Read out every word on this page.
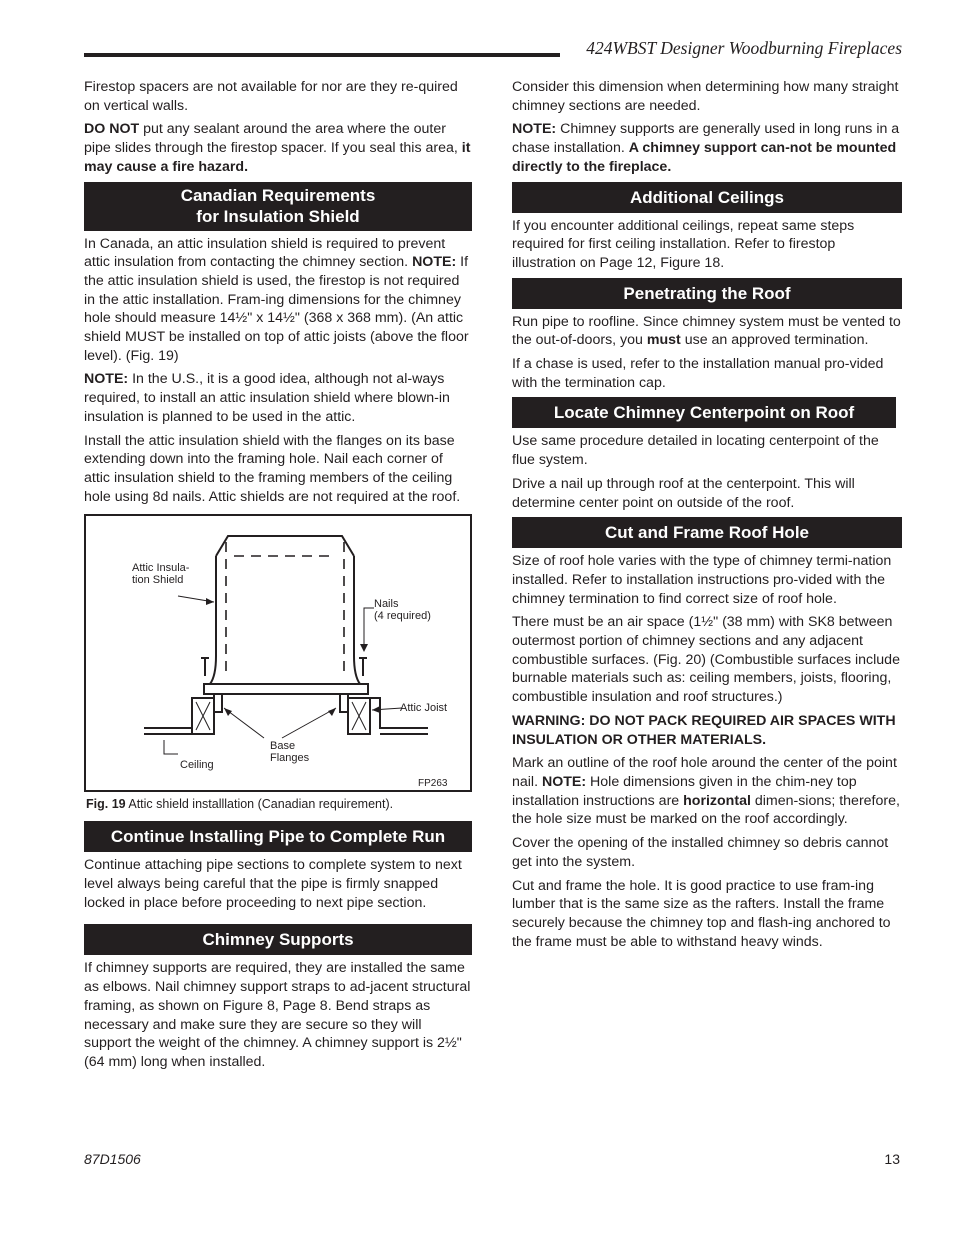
424WBST Designer Woodburning Fireplaces

Firestop spacers are not available for nor are they re-quired on vertical walls.

DO NOT put any sealant around the area where the outer pipe slides through the firestop spacer. If you seal this area, it may cause a fire hazard.

Canadian Requirements
for Insulation Shield

In Canada, an attic insulation shield is required to prevent attic insulation from contacting the chimney section. NOTE: If the attic insulation shield is used, the firestop is not required in the attic installation. Fram-ing dimensions for the chimney hole should measure 14½" x 14½" (368 x 368 mm). (An attic shield MUST be installed on top of attic joists (above the floor level). (Fig. 19)

NOTE: In the U.S., it is a good idea, although not al-ways required, to install an attic insulation shield where blown-in insulation is planned to be used in the attic.

Install the attic insulation shield with the flanges on its base extending down into the framing hole. Nail each corner of attic insulation shield to the framing members of the ceiling hole using 8d nails. Attic shields are not required at the roof.

Attic Insula-
tion Shield
Nails
(4 required)
Attic Joist
Base
Flanges
Ceiling
FP263
Fig. 19 Attic shield installlation (Canadian requirement).
Continue Installing Pipe to Complete Run

Continue attaching pipe sections to complete system to next level always being careful that the pipe is firmly snapped locked in place before proceeding to next pipe section.

Chimney Supports

If chimney supports are required, they are installed the same as elbows. Nail chimney support straps to ad-jacent structural framing, as shown on Figure 8, Page 8. Bend straps as necessary and make sure they are secure so they will support the weight of the chimney. A chimney support is 2½" (64 mm) long when installed.

Consider this dimension when determining how many straight chimney sections are needed.

NOTE: Chimney supports are generally used in long runs in a chase installation. A chimney support can-not be mounted directly to the fireplace.

Additional Ceilings

If you encounter additional ceilings, repeat same steps required for first ceiling installation. Refer to firestop illustration on Page 12, Figure 18.

Penetrating the Roof

Run pipe to roofline. Since chimney system must be vented to the out-of-doors, you must use an approved termination.

If a chase is used, refer to the installation manual pro-vided with the termination cap.

Locate Chimney Centerpoint on Roof

Use same procedure detailed in locating centerpoint of the flue system.

Drive a nail up through roof at the centerpoint. This will determine center point on outside of the roof.

Cut and Frame Roof Hole

Size of roof hole varies with the type of chimney termi-nation installed. Refer to installation instructions pro-vided with the chimney termination to find correct size of roof hole.

There must be an air space (1½" (38 mm) with SK8 between outermost portion of chimney sections and any adjacent combustible surfaces. (Fig. 20) (Combustible surfaces include burnable materials such as: ceiling members, joists, flooring, combustible insulation and roof structures.)

WARNING: DO NOT PACK REQUIRED AIR SPACES WITH INSULATION OR OTHER MATERIALS.

Mark an outline of the roof hole around the center of the point nail. NOTE: Hole dimensions given in the chim-ney top installation instructions are horizontal dimen-sions; therefore, the hole size must be marked on the roof accordingly.

Cover the opening of the installed chimney so debris cannot get into the system.

Cut and frame the hole. It is good practice to use fram-ing lumber that is the same size as the rafters. Install the frame securely because the chimney top and flash-ing anchored to the frame must be able to withstand heavy winds.

87D1506	13
